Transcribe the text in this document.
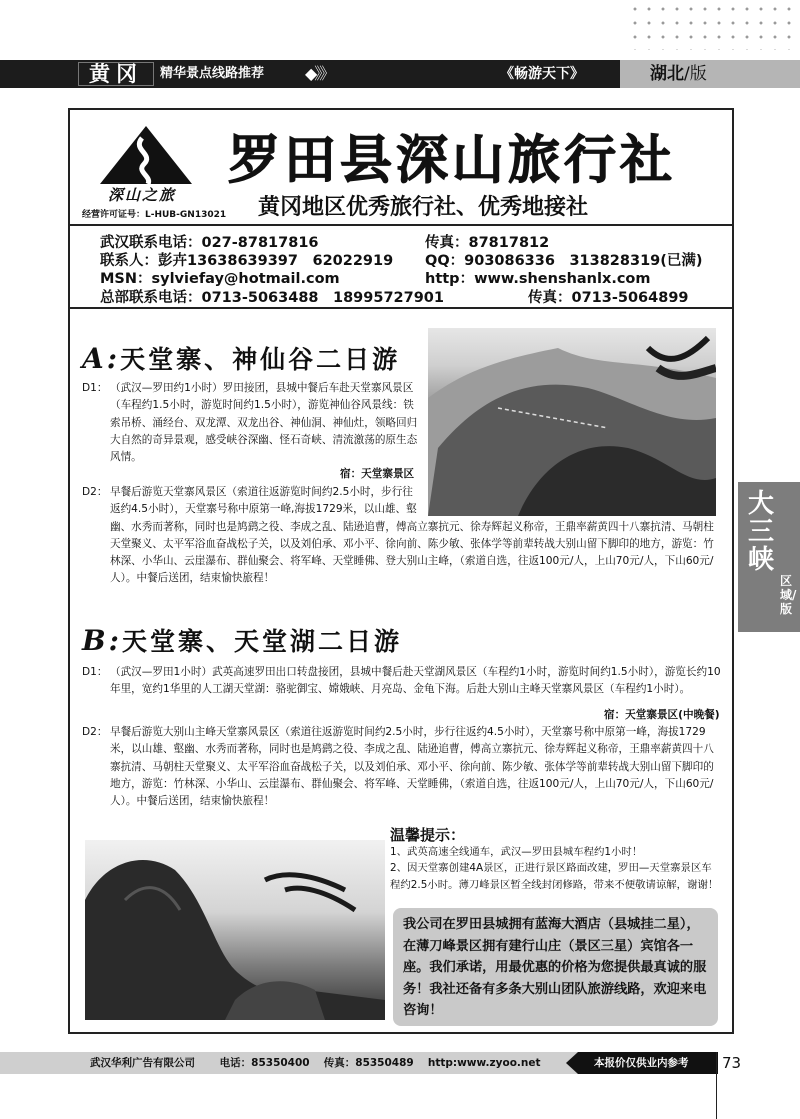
黄冈	精华景点线路推荐	◆》》	《畅游天下》	湖北/版
深山之旅
经营许可证号：L-HUB-GN13021
罗田县深山旅行社
黄冈地区优秀旅行社、优秀地接社
武汉联系电话：027-87817816	传真：87817812
联系人：彭卉13638639397　62022919 QQ：903086336　313828319(已满)
MSN：sylviefay@hotmail.com	http：www.shenshanlx.com
总部联系电话：0713-5063488　18995727901	传真：0713-5064899
A:天堂寨、神仙谷二日游
D1： （武汉—罗田约1小时）罗田接团，县城中餐后车赴天堂寨风景区（车程约1.5小时，游览时间约1.5小时），游览神仙谷风景线：铁索吊桥、涌经台、双龙潭、双龙出谷、神仙洞、神仙灶，领略回归大自然的奇异景观，感受峡谷深幽、怪石奇峡、清流激荡的原生态风情。

宿：天堂寨景区
D2： 早餐后游览天堂寨风景区（索道往返游览时间约2.5小时，步行往返约4.5小时），天堂寨号称中原第一峰,海拔1729米，以山雄、壑幽、水秀而著称，同时也是鸠鹞之役、李成之乱、陆逊追曹，傅高立寨抗元、徐寿辉起义称帝，王鼎率薪黄四十八寨抗清、马朝柱天堂聚义、太平军浴血奋战松子关，以及刘伯承、邓小平、徐向前、陈少敏、张体学等前辈转战大别山留下脚印的地方，游览：竹林深、小华山、云崖瀑布、群仙聚会、将军峰、天堂睡佛、登大别山主峰，（索道自选，往返100元/人，上山70元/人，下山60元/人）。中餐后送团，结束愉快旅程！

B:天堂寨、天堂湖二日游
D1： （武汉—罗田1小时）武英高速罗田出口转盘接团，县城中餐后赴天堂湖风景区（车程约1小时，游览时间约1.5小时），游览长约10年里，宽约1华里的人工湖天堂湖：骆驼御宝、嫦娥峡、月亮岛、金龟下海。后赴大别山主峰天堂寨风景区（车程约1小时）。

宿：天堂寨景区(中晚餐)
D2： 早餐后游览大别山主峰天堂寨风景区（索道往返游览时间约2.5小时，步行往返约4.5小时），天堂寨号称中原第一峰，海拔1729米，以山雄、壑幽、水秀而著称，同时也是鸠鹞之役、李成之乱、陆逊追曹，傅高立寨抗元、徐寿辉起义称帝，王鼎率薪黄四十八寨抗清、马朝柱天堂聚义、太平军浴血奋战松子关，以及刘伯承、邓小平、徐向前、陈少敏、张体学等前辈转战大别山留下脚印的地方，游览：竹林深、小华山、云崖瀑布、群仙聚会、将军峰、天堂睡佛，（索道自选，往返100元/人，上山70元/人，下山60元/人）。中餐后送团，结束愉快旅程！

温馨提示：
1、武英高速全线通车，武汉—罗田县城车程约1小时！
2、因天堂寨创建4A景区，正进行景区路面改建，罗田—天堂寨景区车程约2.5小时。薄刀峰景区暂全线封闭修路，带来不便敬请谅解，谢谢！
我公司在罗田县城拥有蓝海大酒店（县城挂二星），在薄刀峰景区拥有建行山庄（景区三星）宾馆各一座。我们承诺，用最优惠的价格为您提供最真诚的服务！我社还备有多条大别山团队旅游线路，欢迎来电咨询！
大三峡
区域/版
武汉华利广告有限公司　　 电话：85350400　 传真：85350489　 http:www.zyoo.net	本报价仅供业内参考	73
